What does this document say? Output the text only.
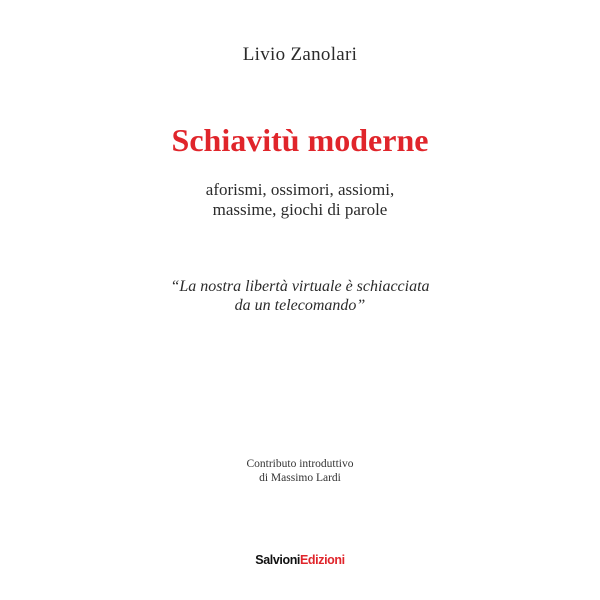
Livio Zanolari
Schiavitù moderne
aforismi, ossimori, assiomi,
massime, giochi di parole
“La nostra libertà virtuale è schiacciata
da un telecomando”
Contributo introduttivo
di Massimo Lardi
SalvioniEdizioni
